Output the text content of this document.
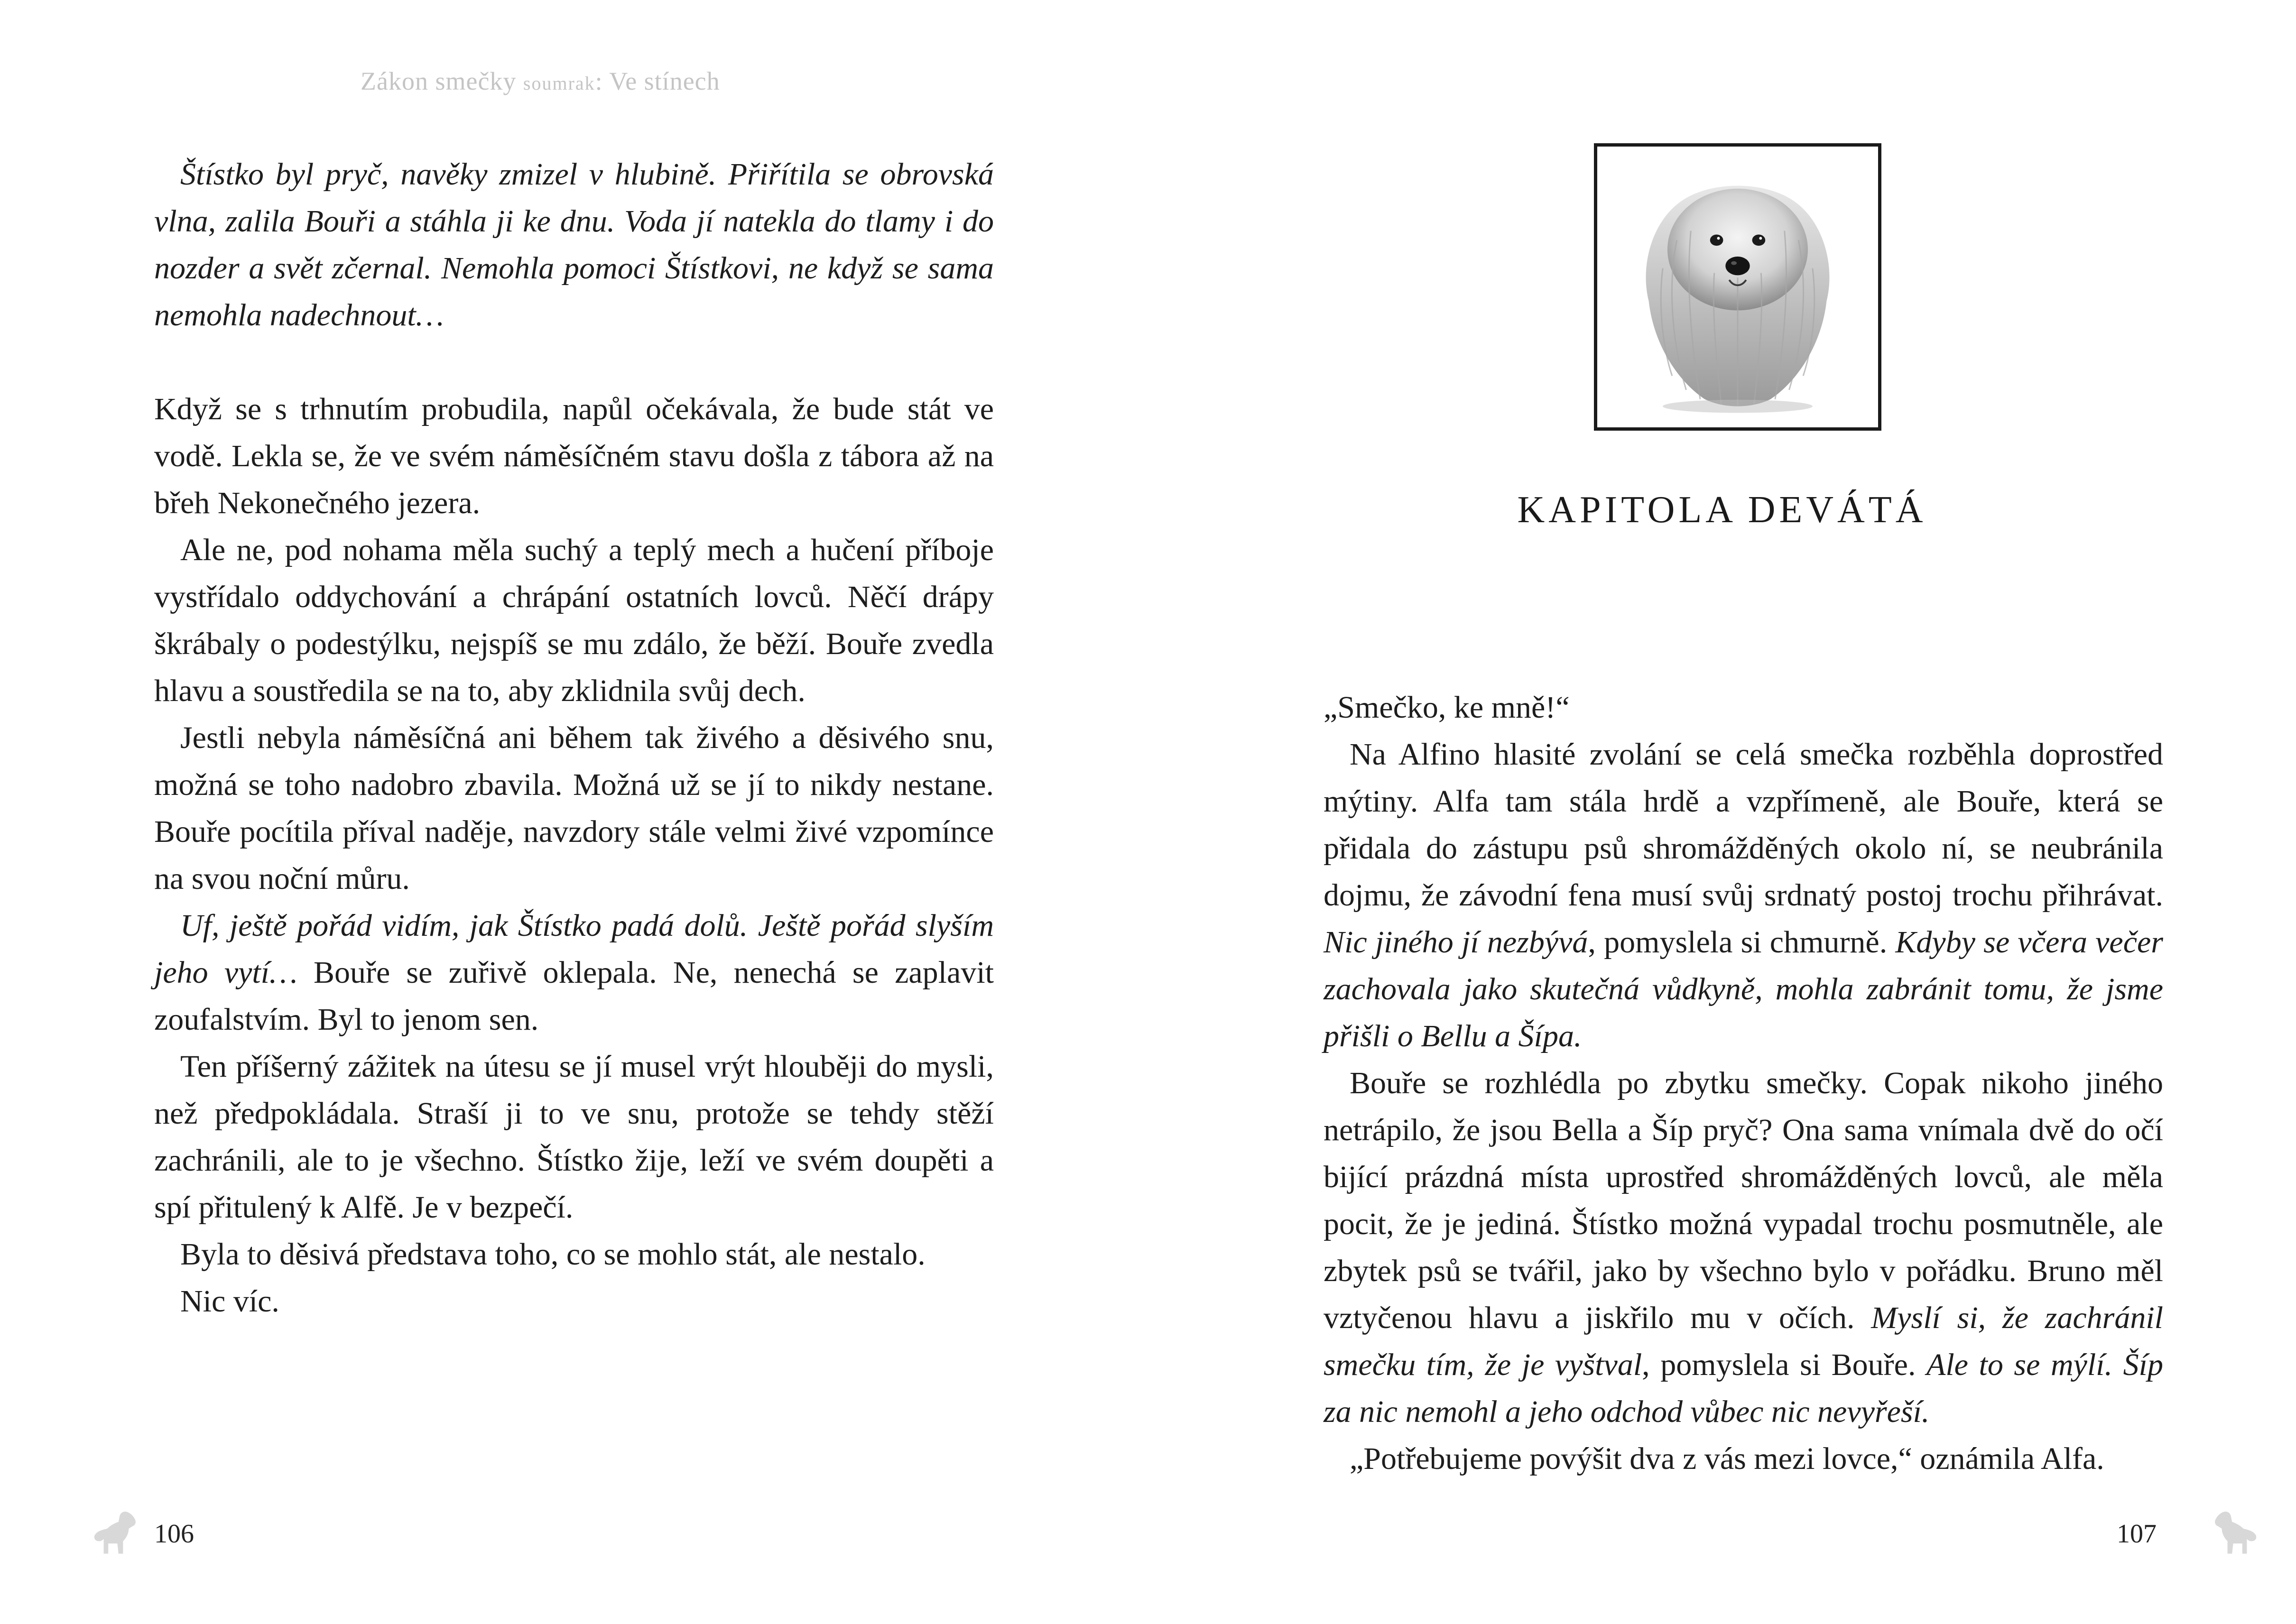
Zákon smečky soumrak: Ve stínech

Štístko byl pryč, navěky zmizel v hlubině. Přiřítila se obrovská vlna, zalila Bouři a stáhla ji ke dnu. Voda jí natekla do tlamy i do nozder a svět zčernal. Nemohla pomoci Štístkovi, ne když se sama nemohla nadechnout…

Když se s trhnutím probudila, napůl očekávala, že bude stát ve vodě. Lekla se, že ve svém náměsíčném stavu došla z tábora až na břeh Nekonečného jezera.

Ale ne, pod nohama měla suchý a teplý mech a hučení příboje vystřídalo oddychování a chrápání ostatních lovců. Něčí drápy škrábaly o podestýlku, nejspíš se mu zdálo, že běží. Bouře zvedla hlavu a soustředila se na to, aby zklidnila svůj dech.

Jestli nebyla náměsíčná ani během tak živého a děsivého snu, možná se toho nadobro zbavila. Možná už se jí to nikdy nestane. Bouře pocítila příval naděje, navzdory stále velmi živé vzpomínce na svou noční můru.

Uf, ještě pořád vidím, jak Štístko padá dolů. Ještě pořád slyším jeho vytí… Bouře se zuřivě oklepala. Ne, nenechá se zaplavit zoufalstvím. Byl to jenom sen.

Ten příšerný zážitek na útesu se jí musel vrýt hlouběji do mysli, než předpokládala. Straší ji to ve snu, protože se tehdy stěží zachránili, ale to je všechno. Štístko žije, leží ve svém doupěti a spí přitulený k Alfě. Je v bezpečí.

Byla to děsivá představa toho, co se mohlo stát, ale nestalo.

Nic víc.

106
KAPITOLA DEVÁTÁ

„Smečko, ke mně!“

Na Alfino hlasité zvolání se celá smečka rozběhla doprostřed mýtiny. Alfa tam stála hrdě a vzpřímeně, ale Bouře, která se přidala do zástupu psů shromážděných okolo ní, se neubránila dojmu, že závodní fena musí svůj srdnatý postoj trochu přihrávat. Nic jiného jí nezbývá, pomyslela si chmurně. Kdyby se včera večer zachovala jako skutečná vůdkyně, mohla zabránit tomu, že jsme přišli o Bellu a Šípa.

Bouře se rozhlédla po zbytku smečky. Copak nikoho jiného netrápilo, že jsou Bella a Šíp pryč? Ona sama vnímala dvě do očí bijící prázdná místa uprostřed shromážděných lovců, ale měla pocit, že je jediná. Štístko možná vypadal trochu posmutněle, ale zbytek psů se tvářil, jako by všechno bylo v pořádku. Bruno měl vztyčenou hlavu a jiskřilo mu v očích. Myslí si, že zachránil smečku tím, že je vyštval, pomyslela si Bouře. Ale to se mýlí. Šíp za nic nemohl a jeho odchod vůbec nic nevyřeší.

„Potřebujeme povýšit dva z vás mezi lovce,“ oznámila Alfa.

107
